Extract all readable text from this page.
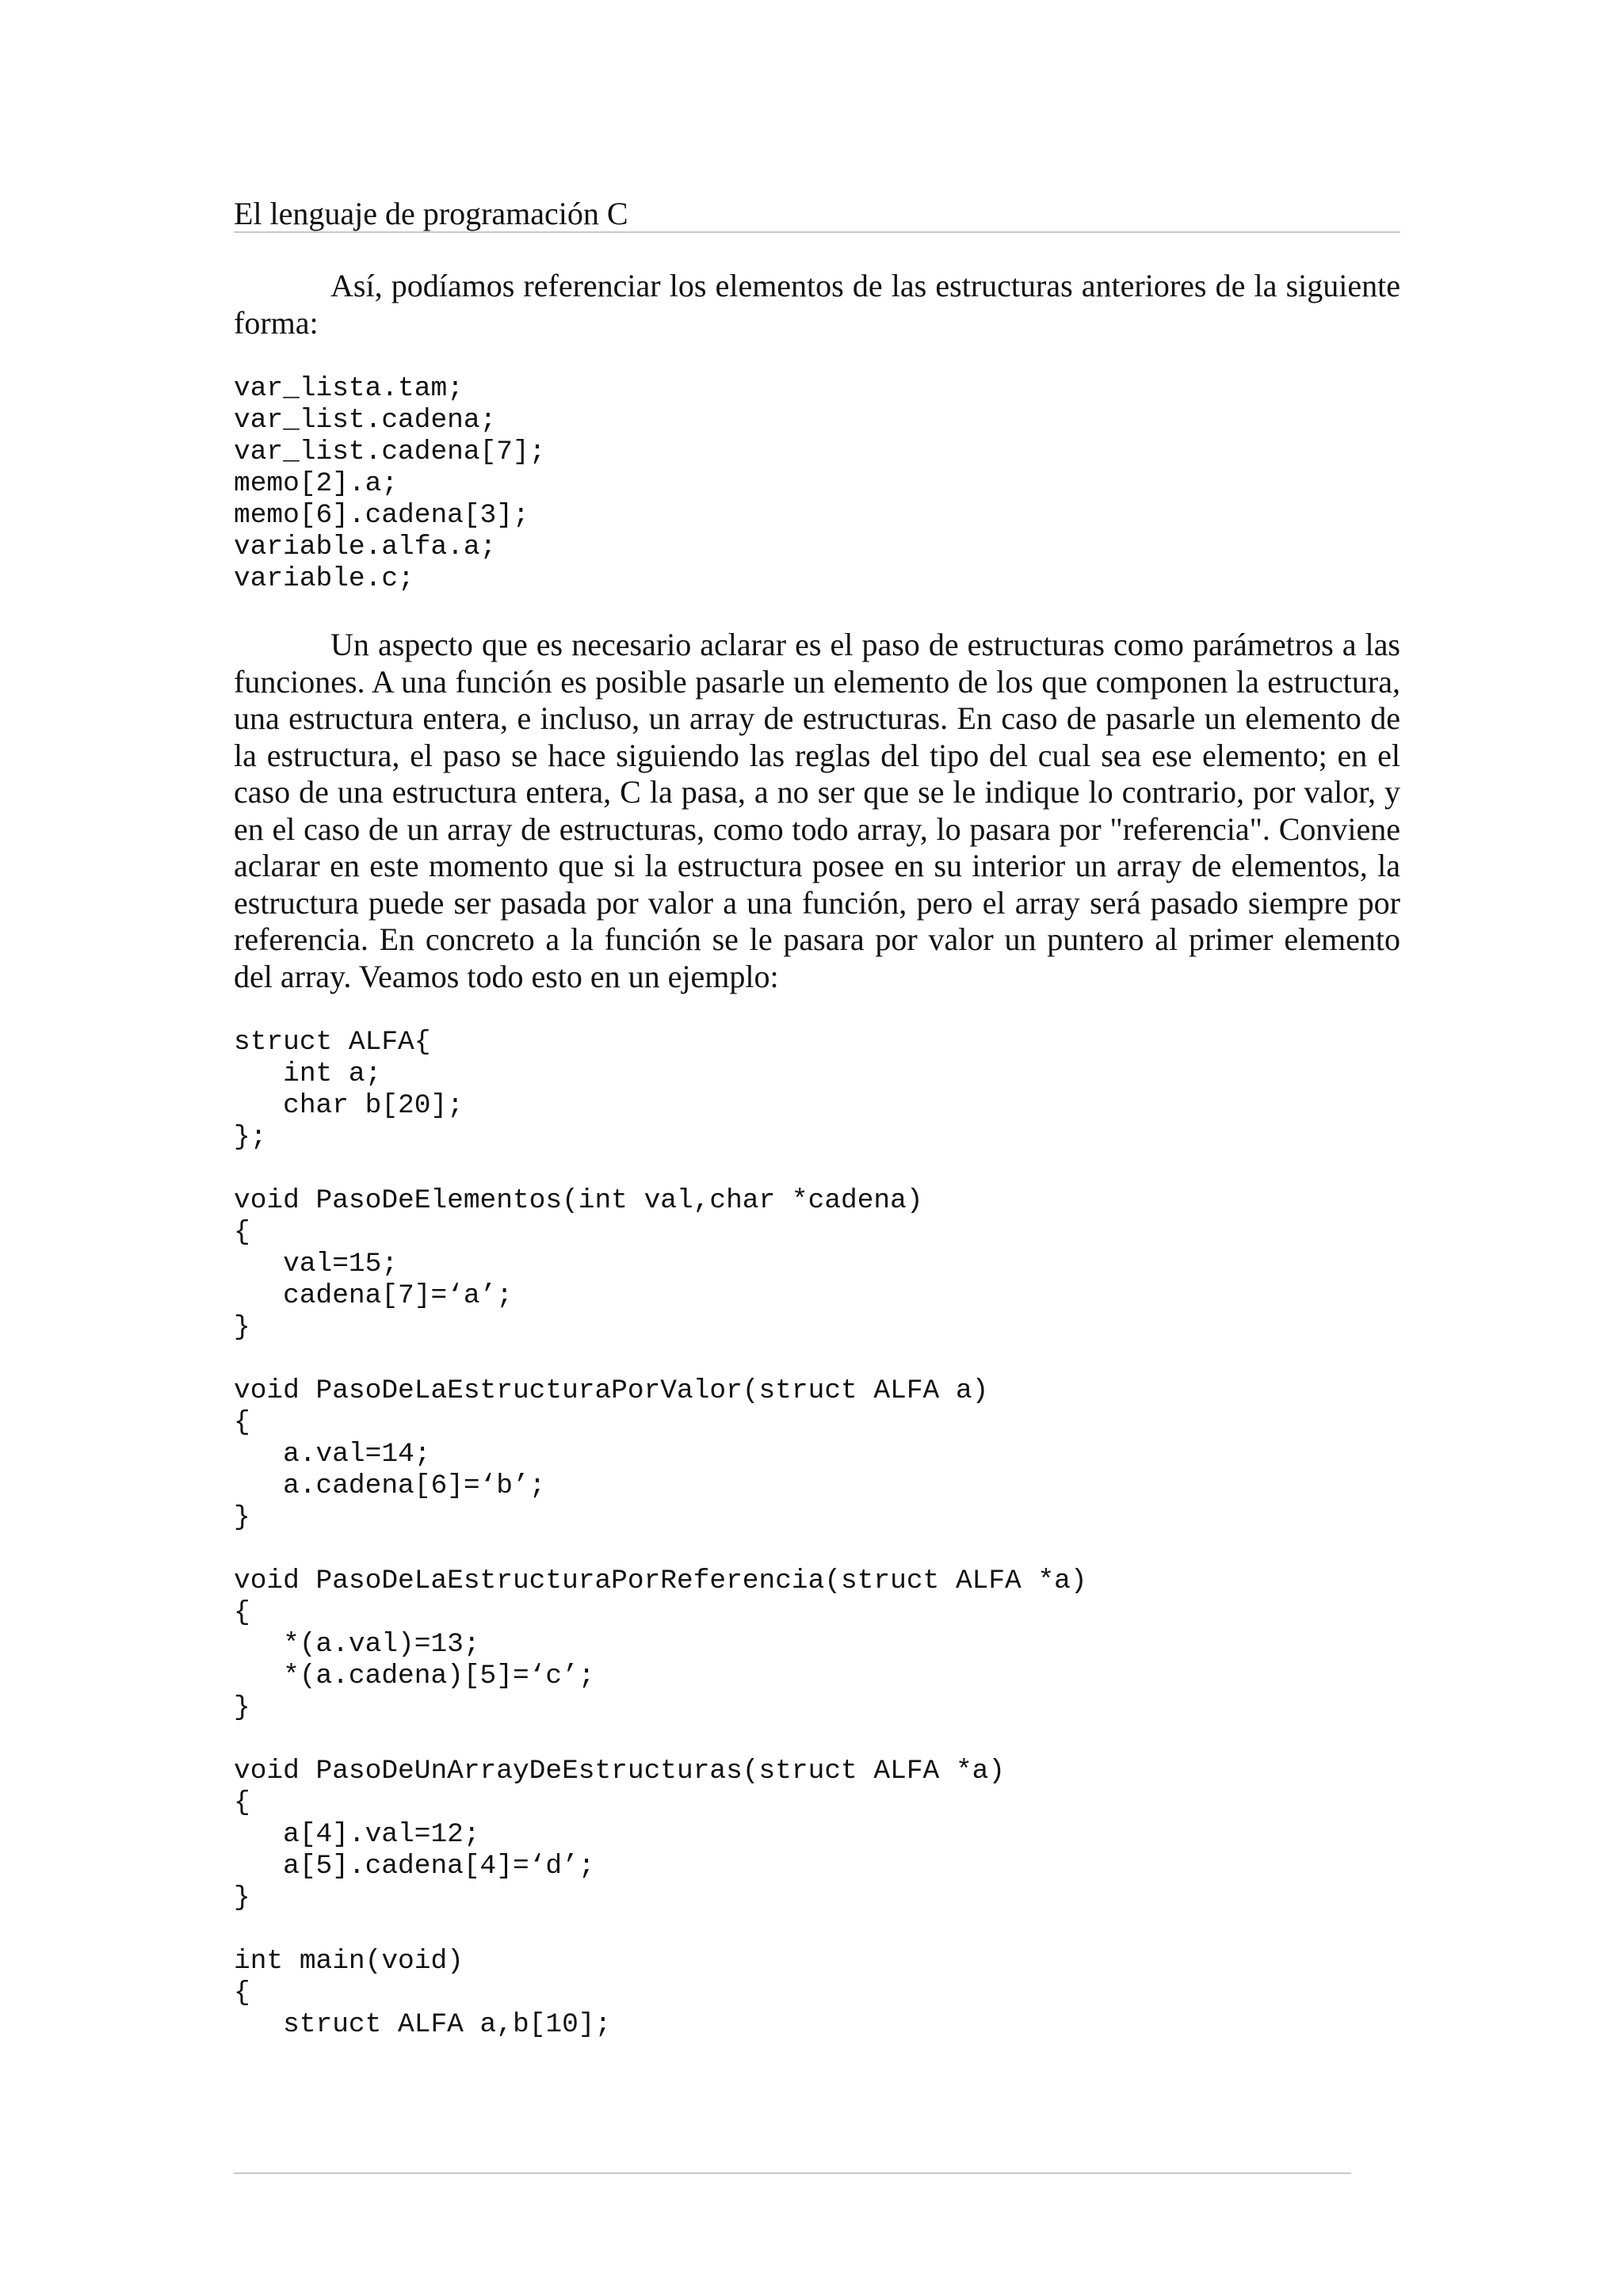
El lenguaje de programación C

Así, podíamos referenciar los elementos de las estructuras anteriores de la siguiente forma:

var_lista.tam;
var_list.cadena;
var_list.cadena[7];
memo[2].a;
memo[6].cadena[3];
variable.alfa.a;
variable.c;

Un aspecto que es necesario aclarar es el paso de estructuras como parámetros a las funciones. A una función es posible pasarle un elemento de los que componen la estructura, una estructura entera, e incluso, un array de estructuras. En caso de pasarle un elemento de la estructura, el paso se hace siguiendo las reglas del tipo del cual sea ese elemento; en el caso de una estructura entera, C la pasa, a no ser que se le indique lo contrario, por valor, y en el caso de un array de estructuras, como todo array, lo pasara por "referencia". Conviene aclarar en este momento que si la estructura posee en su interior un array de elementos, la estructura puede ser pasada por valor a una función, pero el array será pasado siempre por referencia. En concreto a la función se le pasara por valor un puntero al primer elemento del array. Veamos todo esto en un ejemplo:

struct ALFA{
int a;
char b[20];
};

void PasoDeElementos(int val,char *cadena)
{
val=15;
cadena[7]=‘a’;
}

void PasoDeLaEstructuraPorValor(struct ALFA a)
{
a.val=14;
a.cadena[6]=‘b’;
}

void PasoDeLaEstructuraPorReferencia(struct ALFA *a)
{
*(a.val)=13;
*(a.cadena)[5]=‘c’;
}

void PasoDeUnArrayDeEstructuras(struct ALFA *a)
{
a[4].val=12;
a[5].cadena[4]=‘d’;
}

int main(void)
{
struct ALFA a,b[10];
